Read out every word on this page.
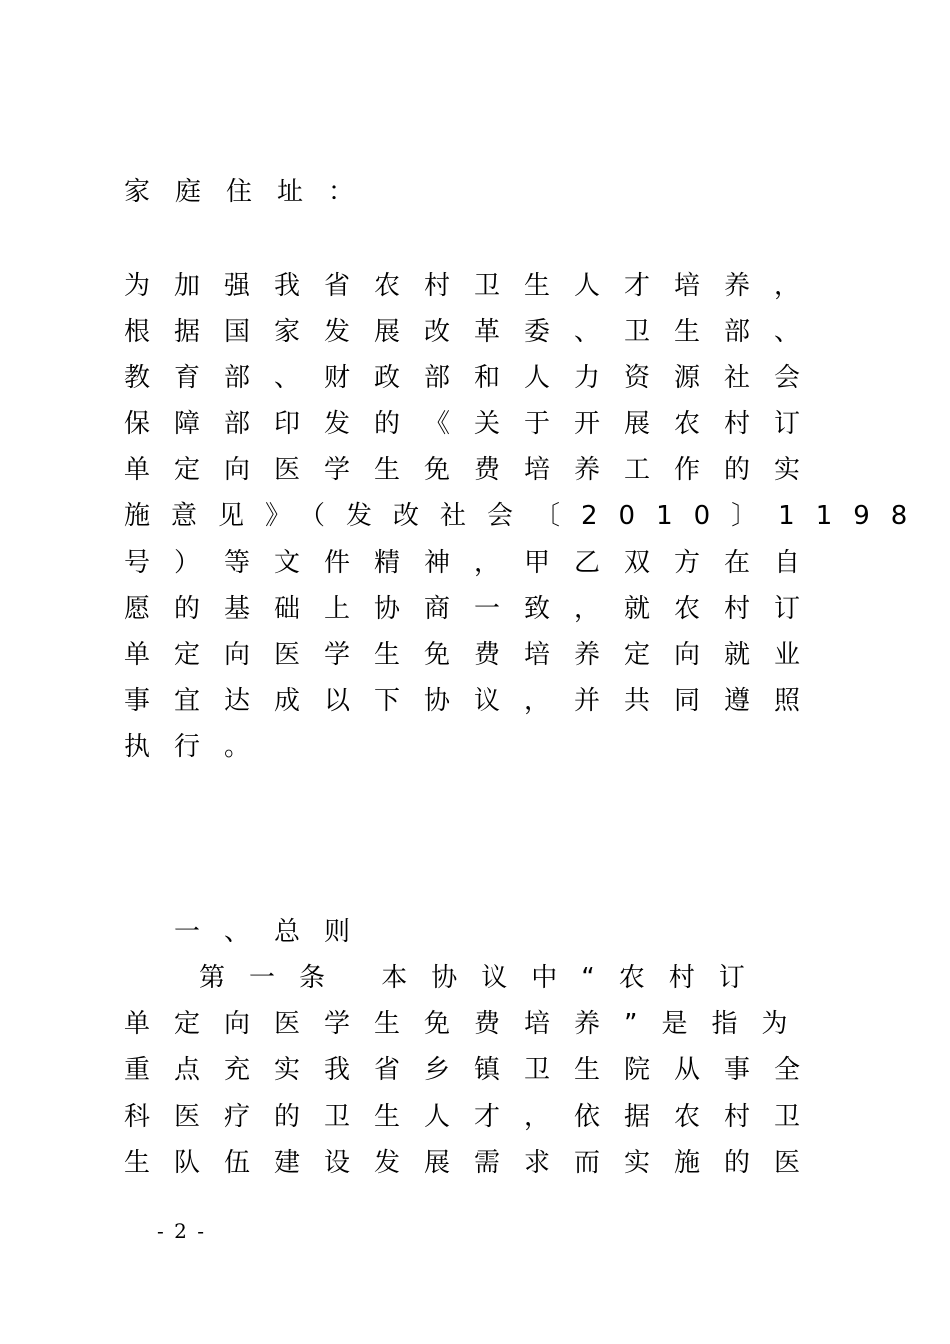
家庭住址：
为加强我省农村卫生人才培养，
根据国家发展改革委、卫生部、
教育部、财政部和人力资源社会
保障部印发的《关于开展农村订
单定向医学生免费培养工作的实
施意见》（发改社会〔2010〕1198
号）等文件精神，甲乙双方在自
愿的基础上协商一致，就农村订
单定向医学生免费培养定向就业
事宜达成以下协议，并共同遵照
执行。
一、总则
第一条 本协议中“农村订
单定向医学生免费培养”是指为
重点充实我省乡镇卫生院从事全
科医疗的卫生人才，依据农村卫
生队伍建设发展需求而实施的医
- 2 -
